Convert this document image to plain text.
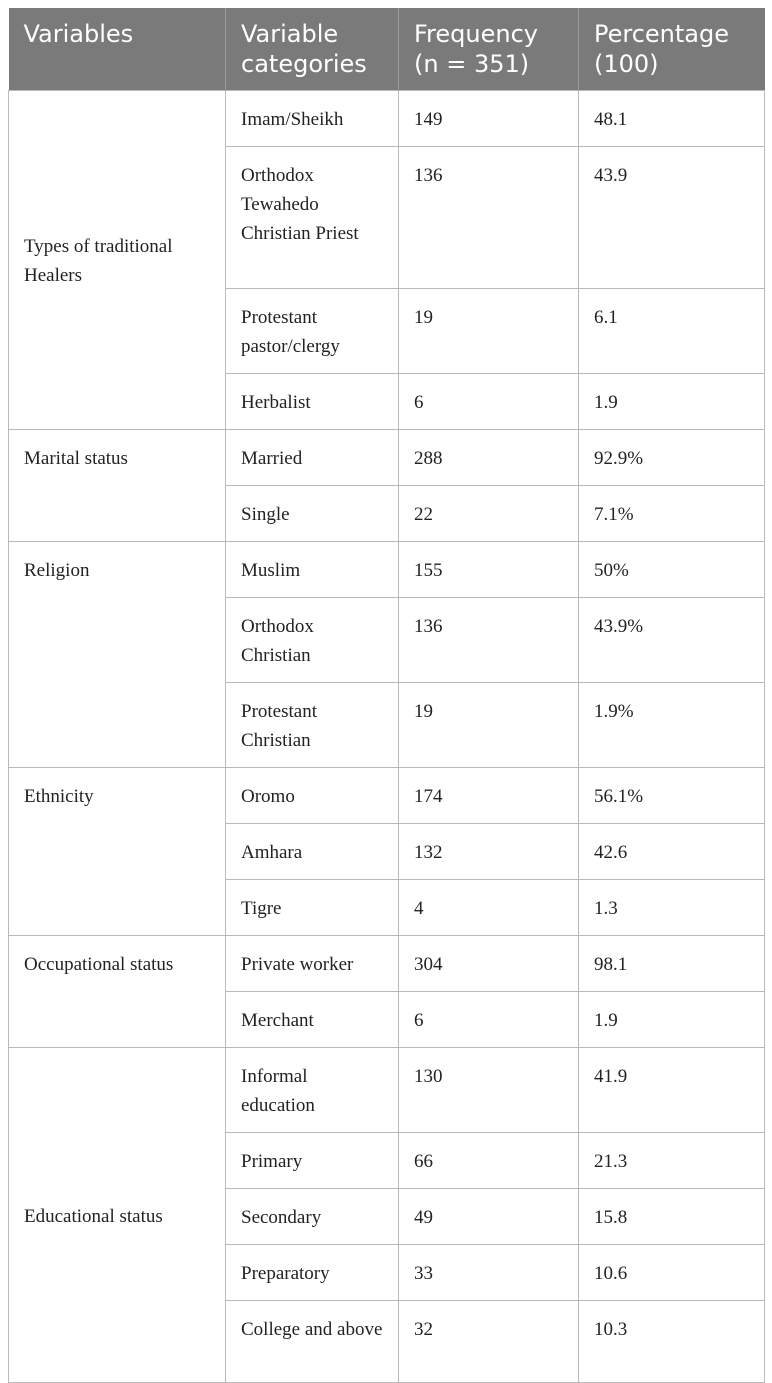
Variables	Variable categories	Frequency (n = 351)	Percentage (100)
Types of traditional Healers	Imam/Sheikh	149	48.1
	Orthodox Tewahedo Christian Priest	136	43.9
	Protestant pastor/clergy	19	6.1
	Herbalist	6	1.9
Marital status	Married	288	92.9%
	Single	22	7.1%
Religion	Muslim	155	50%
	Orthodox Christian	136	43.9%
	Protestant Christian	19	1.9%
Ethnicity	Oromo	174	56.1%
	Amhara	132	42.6
	Tigre	4	1.3
Occupational status	Private worker	304	98.1
	Merchant	6	1.9
Educational status	Informal education	130	41.9
	Primary	66	21.3
	Secondary	49	15.8
	Preparatory	33	10.6
	College and above	32	10.3
